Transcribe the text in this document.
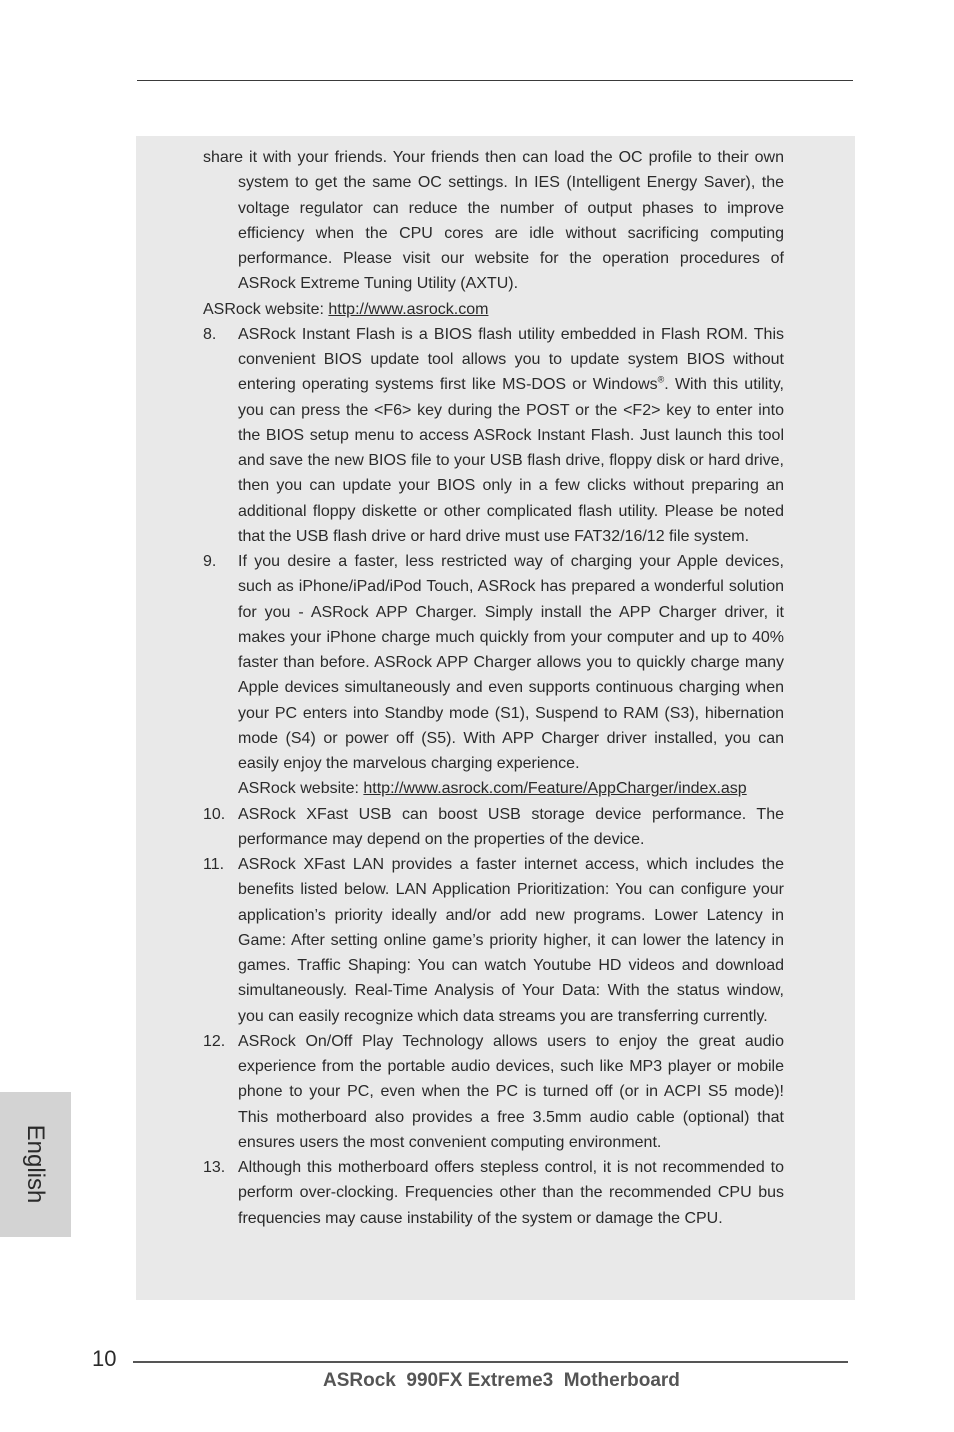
share it with your friends. Your friends then can load the OC profile to their own system to get the same OC settings. In IES (Intelligent Energy Saver), the voltage regulator can reduce the number of output phases to improve efficiency when the CPU cores are idle without sacrificing computing performance. Please visit our website for the operation procedures of ASRock Extreme Tuning Utility (AXTU).

ASRock website: http://www.asrock.com

8.	ASRock Instant Flash is a BIOS flash utility embedded in Flash ROM. This convenient BIOS update tool allows you to update system BIOS without entering operating systems first like MS-DOS or Windows®. With this utility, you can press the <F6> key during the POST or the <F2> key to enter into the BIOS setup menu to access ASRock Instant Flash. Just launch this tool and save the new BIOS file to your USB flash drive, floppy disk or hard drive, then you can update your BIOS only in a few clicks without preparing an additional floppy diskette or other complicated flash utility. Please be noted that the USB flash drive or hard drive must use FAT32/16/12 file system.

9.	If you desire a faster, less restricted way of charging your Apple devices, such as iPhone/iPad/iPod Touch, ASRock has prepared a wonderful solution for you - ASRock APP Charger. Simply install the APP Charger driver, it makes your iPhone charge much quickly from your computer and up to 40% faster than before. ASRock APP Charger allows you to quickly charge many Apple devices simultaneously and even supports continuous charging when your PC enters into Standby mode (S1), Suspend to RAM (S3), hibernation mode (S4) or power off (S5). With APP Charger driver installed, you can easily enjoy the marvelous charging experience.

ASRock website: http://www.asrock.com/Feature/AppCharger/index.asp

10. ASRock XFast USB can boost USB storage device performance. The performance may depend on the properties of the device.

11. ASRock XFast LAN provides a faster internet access, which includes the benefits listed below. LAN Application Prioritization: You can configure your application’s priority ideally and/or add new programs. Lower Latency in Game: After setting online game’s priority higher, it can lower the latency in games. Traffic Shaping: You can watch Youtube HD videos and download simultaneously. Real-Time Analysis of Your Data: With the status window, you can easily recognize which data streams you are transferring currently.

12. ASRock On/Off Play Technology allows users to enjoy the great audio experience from the portable audio devices, such like MP3 player or mobile phone to your PC, even when the PC is turned off (or in ACPI S5 mode)! This motherboard also provides a free 3.5mm audio cable (optional) that ensures users the most convenient computing environment.

13. Although this motherboard offers stepless control, it is not recommended to perform over-clocking. Frequencies other than the recommended CPU bus frequencies may cause instability of the system or damage the CPU.

English
10
ASRock  990FX Extreme3  Motherboard
